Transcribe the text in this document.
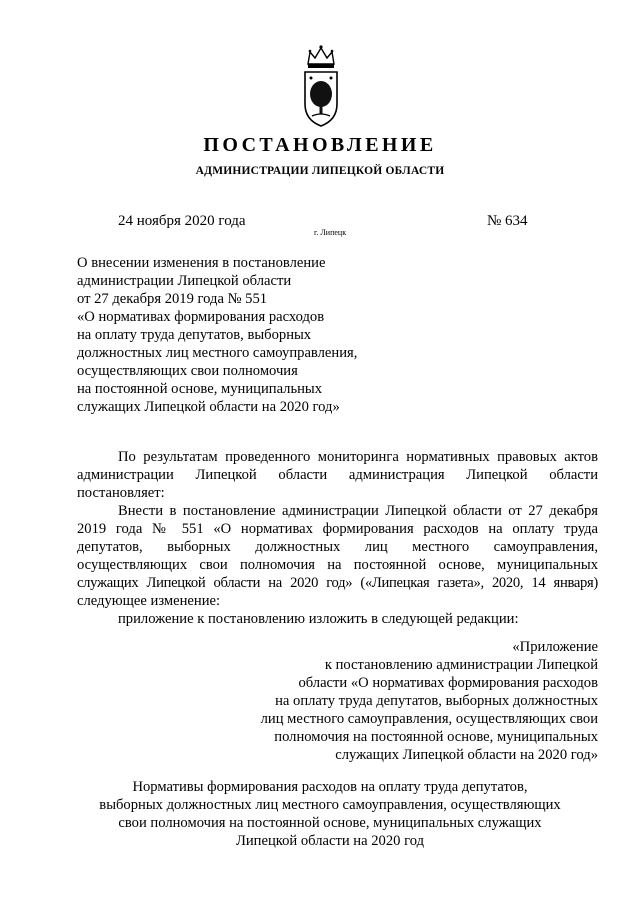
ПОСТАНОВЛЕНИЕ
АДМИНИСТРАЦИИ ЛИПЕЦКОЙ ОБЛАСТИ
24 ноября 2020 года
г. Липецк
№ 634
О внесении изменения в постановление
администрации Липецкой области
от 27 декабря 2019 года № 551
«О нормативах формирования расходов
на оплату труда депутатов, выборных
должностных лиц местного самоуправления,
осуществляющих свои полномочия
на постоянной основе, муниципальных
служащих Липецкой области на 2020 год»
По результатам проведенного мониторинга нормативных правовых актов
администрации Липецкой области администрация Липецкой области
постановляет:
Внести в постановление администрации Липецкой области от 27 декабря
2019 года № 551 «О нормативах формирования расходов на оплату труда
депутатов, выборных должностных лиц местного самоуправления,
осуществляющих свои полномочия на постоянной основе, муниципальных
служащих Липецкой области на 2020 год» («Липецкая газета», 2020, 14 января)
следующее изменение:
приложение к постановлению изложить в следующей редакции:
«Приложение
к постановлению администрации Липецкой
области «О нормативах формирования расходов
на оплату труда депутатов, выборных должностных
лиц местного самоуправления, осуществляющих свои
полномочия на постоянной основе, муниципальных
служащих Липецкой области на 2020 год»
Нормативы формирования расходов на оплату труда депутатов,
выборных должностных лиц местного самоуправления, осуществляющих
свои полномочия на постоянной основе, муниципальных служащих
Липецкой области на 2020 год
